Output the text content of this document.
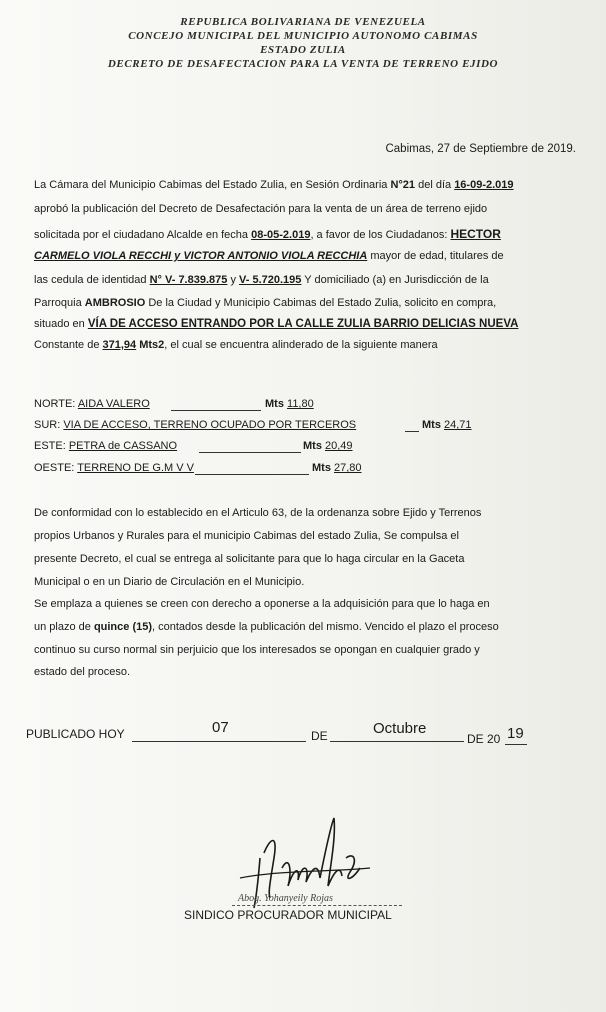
REPUBLICA BOLIVARIANA DE VENEZUELA
CONCEJO MUNICIPAL DEL MUNICIPIO AUTONOMO CABIMAS
ESTADO ZULIA
DECRETO DE DESAFECTACION PARA LA VENTA DE TERRENO EJIDO
Cabimas, 27 de Septiembre de 2019.
La Cámara del Municipio Cabimas del Estado Zulia, en Sesión Ordinaria N°21 del día 16-09-2.019
aprobó la publicación del Decreto de Desafectación para la venta de un área de terreno ejido
solicitada por el ciudadano Alcalde en fecha 08-05-2.019, a favor de los Ciudadanos: HECTOR
CARMELO VIOLA RECCHI y VICTOR ANTONIO VIOLA RECCHIA mayor de edad, titulares de
las cedula de identidad N° V- 7.839.875 y V- 5.720.195 Y domiciliado (a) en Jurisdicción de la
Parroquia AMBROSIO De la Ciudad y Municipio Cabimas del Estado Zulia, solicito en compra,
situado en VÍA DE ACCESO ENTRANDO POR LA CALLE ZULIA BARRIO DELICIAS NUEVA
Constante de 371,94 Mts2, el cual se encuentra alinderado de la siguiente manera
NORTE: AIDA VALERO	Mts 11,80
SUR: VIA DE ACCESO, TERRENO OCUPADO POR TERCEROS	Mts 24,71
ESTE: PETRA de CASSANO	Mts 20,49
OESTE: TERRENO DE G.M V V	Mts 27,80
De conformidad con lo establecido en el Articulo 63, de la ordenanza sobre Ejido y Terrenos
propios Urbanos y Rurales para el municipio Cabimas del estado Zulia, Se compulsa el
presente Decreto, el cual se entrega al solicitante para que lo haga circular en la Gaceta
Municipal o en un Diario de Circulación en el Municipio.
Se emplaza a quienes se creen con derecho a oponerse a la adquisición para que lo haga en
un plazo de quince (15), contados desde la publicación del mismo. Vencido el plazo el proceso
continuo su curso normal sin perjuicio que los interesados se opongan en cualquier grado y
estado del proceso.
PUBLICADO HOY	07	DE	Octubre
DE 20 19
Abog. Yohanyeily Rojas
SINDICO PROCURADOR MUNICIPAL
